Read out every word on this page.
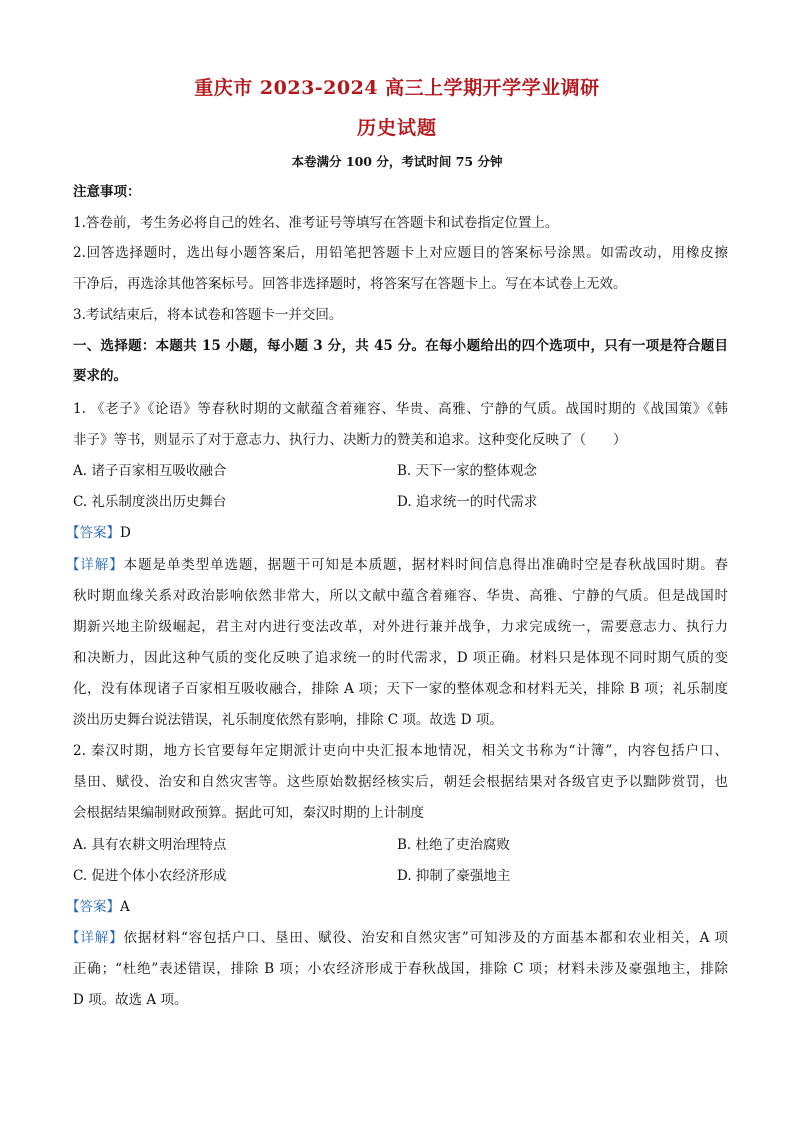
重庆市 2023-2024 高三上学期开学学业调研
历史试题
本卷满分 100 分，考试时间 75 分钟
注意事项：
1.答卷前，考生务必将自己的姓名、准考证号等填写在答题卡和试卷指定位置上。
2.回答选择题时，选出每小题答案后，用铅笔把答题卡上对应题目的答案标号涂黑。如需改动，用橡皮擦
干净后，再选涂其他答案标号。回答非选择题时，将答案写在答题卡上。写在本试卷上无效。
3.考试结束后，将本试卷和答题卡一并交回。
一、选择题：本题共 15 小题，每小题 3 分，共 45 分。在每小题给出的四个选项中，只有一项是符合题目
要求的。
1. 《老子》《论语》等春秋时期的文献蕴含着雍容、华贵、高雅、宁静的气质。战国时期的《战国策》《韩
非子》等书，则显示了对于意志力、执行力、决断力的赞美和追求。这种变化反映了（　　）
A. 诸子百家相互吸收融合	B. 天下一家的整体观念
C. 礼乐制度淡出历史舞台	D. 追求统一的时代需求
【答案】D
【详解】本题是单类型单选题，据题干可知是本质题，据材料时间信息得出准确时空是春秋战国时期。春
秋时期血缘关系对政治影响依然非常大，所以文献中蕴含着雍容、华贵、高雅、宁静的气质。但是战国时
期新兴地主阶级崛起，君主对内进行变法改革，对外进行兼并战争，力求完成统一，需要意志力、执行力
和决断力，因此这种气质的变化反映了追求统一的时代需求，D 项正确。材料只是体现不同时期气质的变
化，没有体现诸子百家相互吸收融合，排除 A 项；天下一家的整体观念和材料无关，排除 B 项；礼乐制度
淡出历史舞台说法错误，礼乐制度依然有影响，排除 C 项。故选 D 项。
2. 秦汉时期，地方长官要每年定期派计吏向中央汇报本地情况，相关文书称为“计簿”，内容包括户口、
垦田、赋役、治安和自然灾害等。这些原始数据经核实后，朝廷会根据结果对各级官吏予以黜陟赏罚，也
会根据结果编制财政预算。据此可知，秦汉时期的上计制度
A. 具有农耕文明治理特点	B. 杜绝了吏治腐败
C. 促进个体小农经济形成	D. 抑制了豪强地主
【答案】A
【详解】依据材料“容包括户口、垦田、赋役、治安和自然灾害”可知涉及的方面基本都和农业相关，A 项
正确；“杜绝”表述错误，排除 B 项；小农经济形成于春秋战国，排除 C 项；材料未涉及豪强地主，排除
D 项。故选 A 项。
